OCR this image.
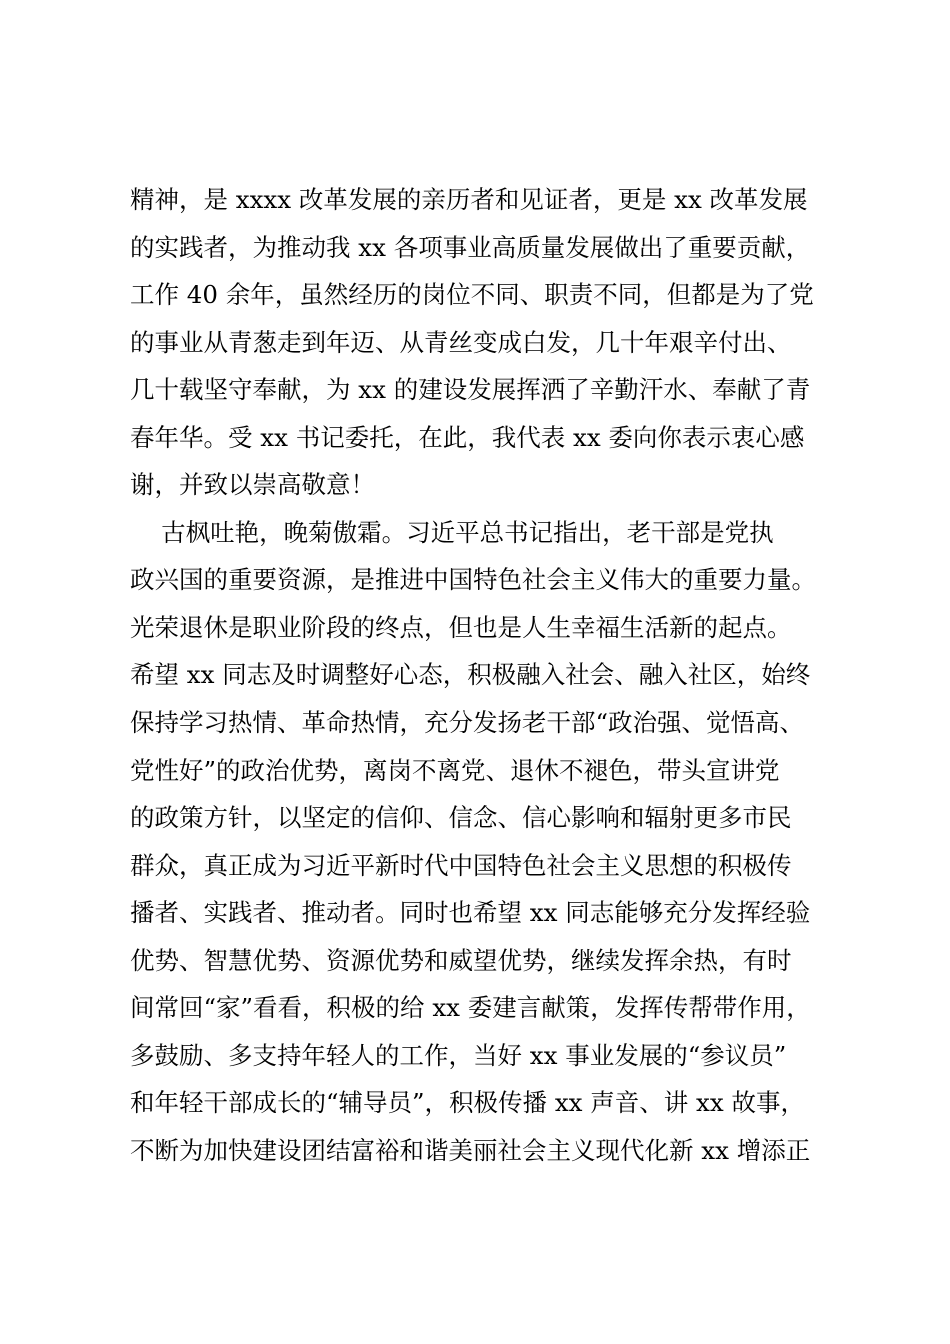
精神，是 xxxx 改革发展的亲历者和见证者，更是 xx 改革发展
的实践者，为推动我 xx 各项事业高质量发展做出了重要贡献，
工作 40 余年，虽然经历的岗位不同、职责不同，但都是为了党
的事业从青葱走到年迈、从青丝变成白发，几十年艰辛付出、
几十载坚守奉献，为 xx 的建设发展挥洒了辛勤汗水、奉献了青
春年华。受 xx 书记委托，在此，我代表 xx 委向你表示衷心感
谢，并致以崇高敬意！
古枫吐艳，晚菊傲霜。习近平总书记指出，老干部是党执
政兴国的重要资源，是推进中国特色社会主义伟大的重要力量。
光荣退休是职业阶段的终点，但也是人生幸福生活新的起点。
希望 xx 同志及时调整好心态，积极融入社会、融入社区，始终
保持学习热情、革命热情，充分发扬老干部“政治强、觉悟高、
党性好”的政治优势，离岗不离党、退休不褪色，带头宣讲党
的政策方针，以坚定的信仰、信念、信心影响和辐射更多市民
群众，真正成为习近平新时代中国特色社会主义思想的积极传
播者、实践者、推动者。同时也希望 xx 同志能够充分发挥经验
优势、智慧优势、资源优势和威望优势，继续发挥余热，有时
间常回“家”看看，积极的给 xx 委建言献策，发挥传帮带作用，
多鼓励、多支持年轻人的工作，当好 xx 事业发展的“参议员”
和年轻干部成长的“辅导员”，积极传播 xx 声音、讲 xx 故事，
不断为加快建设团结富裕和谐美丽社会主义现代化新 xx 增添正
